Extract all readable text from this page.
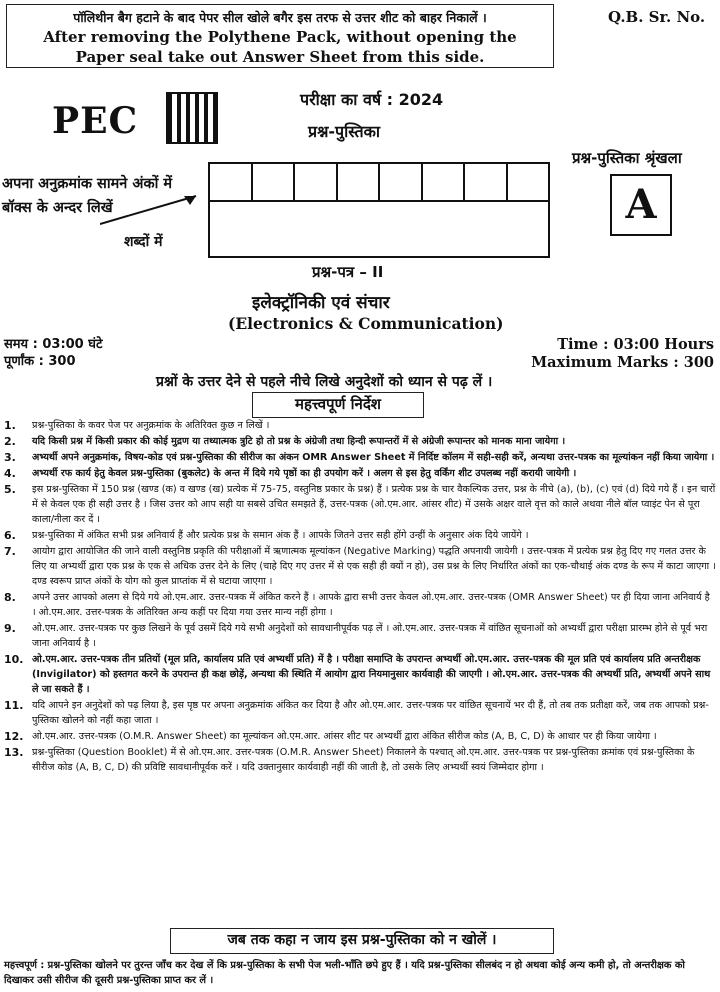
पॉलिथीन बैग हटाने के बाद पेपर सील खोले बगैर इस तरफ से उत्तर शीट को बाहर निकालें ।
After removing the Polythene Pack, without opening the
Paper seal take out Answer Sheet from this side.
Q.B. Sr. No.
PEC
परीक्षा का वर्ष : 2024
प्रश्न-पुस्तिका
प्रश्न-पुस्तिका श्रृंखला
A
अपना अनुक्रमांक सामने अंकों में
बॉक्स के अन्दर लिखें
शब्दों में
प्रश्न-पत्र – II
इलेक्ट्रॉनिकी एवं संचार
(Electronics & Communication)
समय : 03:00 घंटे
पूर्णांक : 300
Time : 03:00 Hours
Maximum Marks : 300
प्रश्नों के उत्तर देने से पहले नीचे लिखे अनुदेशों को ध्यान से पढ़ लें ।
महत्त्वपूर्ण निर्देश
1.	प्रश्न-पुस्तिका के कवर पेज पर अनुक्रमांक के अतिरिक्त कुछ न लिखें ।
2.	यदि किसी प्रश्न में किसी प्रकार की कोई मुद्रण या तथ्यात्मक त्रुटि हो तो प्रश्न के अंग्रेजी तथा हिन्दी रूपान्तरों में से अंग्रेजी रूपान्तर को मानक माना जायेगा ।
3.	अभ्यर्थी अपने अनुक्रमांक, विषय-कोड एवं प्रश्न-पुस्तिका की सीरीज का अंकन OMR Answer Sheet में निर्दिष्ट कॉलम में सही-सही करें, अन्यथा उत्तर-पत्रक का मूल्यांकन नहीं किया जायेगा ।
4.	अभ्यर्थी रफ कार्य हेतु केवल प्रश्न-पुस्तिका (बुकलेट) के अन्त में दिये गये पृष्ठों का ही उपयोग करें । अलग से इस हेतु वर्किंग शीट उपलब्ध नहीं करायी जायेगी ।
5.	इस प्रश्न-पुस्तिका में 150 प्रश्न (खण्ड (क) व खण्ड (ख) प्रत्येक में 75-75, वस्तुनिष्ठ प्रकार के प्रश्न) हैं । प्रत्येक प्रश्न के चार वैकल्पिक उत्तर, प्रश्न के नीचे (a), (b), (c) एवं (d) दिये गये हैं । इन चारों में से केवल एक ही सही उत्तर है । जिस उत्तर को आप सही या सबसे उचित समझते हैं, उत्तर-पत्रक (ओ.एम.आर. आंसर शीट) में उसके अक्षर वाले वृत्त को काले अथवा नीले बॉल प्वाइंट पेन से पूरा काला/नीला कर दें ।
6.	प्रश्न-पुस्तिका में अंकित सभी प्रश्न अनिवार्य हैं और प्रत्येक प्रश्न के समान अंक हैं । आपके जितने उत्तर सही होंगे उन्हीं के अनुसार अंक दिये जायेंगे ।
7.	आयोग द्वारा आयोजित की जाने वाली वस्तुनिष्ठ प्रकृति की परीक्षाओं में ऋणात्मक मूल्यांकन (Negative Marking) पद्धति अपनायी जायेगी । उत्तर-पत्रक में प्रत्येक प्रश्न हेतु दिए गए गलत उत्तर के लिए या अभ्यर्थी द्वारा एक प्रश्न के एक से अधिक उत्तर देने के लिए (चाहे दिए गए उत्तर में से एक सही ही क्यों न हो), उस प्रश्न के लिए निर्धारित अंकों का एक-चौथाई अंक दण्ड के रूप में काटा जाएगा । दण्ड स्वरूप प्राप्त अंकों के योग को कुल प्राप्तांक में से घटाया जाएगा ।
8.	अपने उत्तर आपको अलग से दिये गये ओ.एम.आर. उत्तर-पत्रक में अंकित करने हैं । आपके द्वारा सभी उत्तर केवल ओ.एम.आर. उत्तर-पत्रक (OMR Answer Sheet) पर ही दिया जाना अनिवार्य है । ओ.एम.आर. उत्तर-पत्रक के अतिरिक्त अन्य कहीं पर दिया गया उत्तर मान्य नहीं होगा ।
9.	ओ.एम.आर. उत्तर-पत्रक पर कुछ लिखने के पूर्व उसमें दिये गये सभी अनुदेशों को सावधानीपूर्वक पढ़ लें । ओ.एम.आर. उत्तर-पत्रक में वांछित सूचनाओं को अभ्यर्थी द्वारा परीक्षा प्रारम्भ होने से पूर्व भरा जाना अनिवार्य है ।
10. ओ.एम.आर. उत्तर-पत्रक तीन प्रतियों (मूल प्रति, कार्यालय प्रति एवं अभ्यर्थी प्रति) में है । परीक्षा समाप्ति के उपरान्त अभ्यर्थी ओ.एम.आर. उत्तर-पत्रक की मूल प्रति एवं कार्यालय प्रति अन्तरीक्षक (Invigilator) को हस्तगत करने के उपरान्त ही कक्ष छोड़ें, अन्यथा की स्थिति में आयोग द्वारा नियमानुसार कार्यवाही की जाएगी । ओ.एम.आर. उत्तर-पत्रक की अभ्यर्थी प्रति, अभ्यर्थी अपने साथ ले जा सकते हैं ।
11. यदि आपने इन अनुदेशों को पढ़ लिया है, इस पृष्ठ पर अपना अनुक्रमांक अंकित कर दिया है और ओ.एम.आर. उत्तर-पत्रक पर वांछित सूचनायें भर दी हैं, तो तब तक प्रतीक्षा करें, जब तक आपको प्रश्न-पुस्तिका खोलने को नहीं कहा जाता ।
12. ओ.एम.आर. उत्तर-पत्रक (O.M.R. Answer Sheet) का मूल्यांकन ओ.एम.आर. आंसर शीट पर अभ्यर्थी द्वारा अंकित सीरीज कोड (A, B, C, D) के आधार पर ही किया जायेगा ।
13. प्रश्न-पुस्तिका (Question Booklet) में से ओ.एम.आर. उत्तर-पत्रक (O.M.R. Answer Sheet) निकालने के पश्चात् ओ.एम.आर. उत्तर-पत्रक पर प्रश्न-पुस्तिका क्रमांक एवं प्रश्न-पुस्तिका के सीरीज कोड (A, B, C, D) की प्रविष्टि सावधानीपूर्वक करें । यदि उक्तानुसार कार्यवाही नहीं की जाती है, तो उसके लिए अभ्यर्थी स्वयं जिम्मेदार होगा ।
जब तक कहा न जाय इस प्रश्न-पुस्तिका को न खोलें ।
महत्त्वपूर्ण : प्रश्न-पुस्तिका खोलने पर तुरन्त जाँच कर देख लें कि प्रश्न-पुस्तिका के सभी पेज भली-भाँति छपे हुए हैं । यदि प्रश्न-पुस्तिका सीलबंद न हो अथवा कोई अन्य कमी हो, तो अन्तरीक्षक को दिखाकर उसी सीरीज की दूसरी प्रश्न-पुस्तिका प्राप्त कर लें ।
